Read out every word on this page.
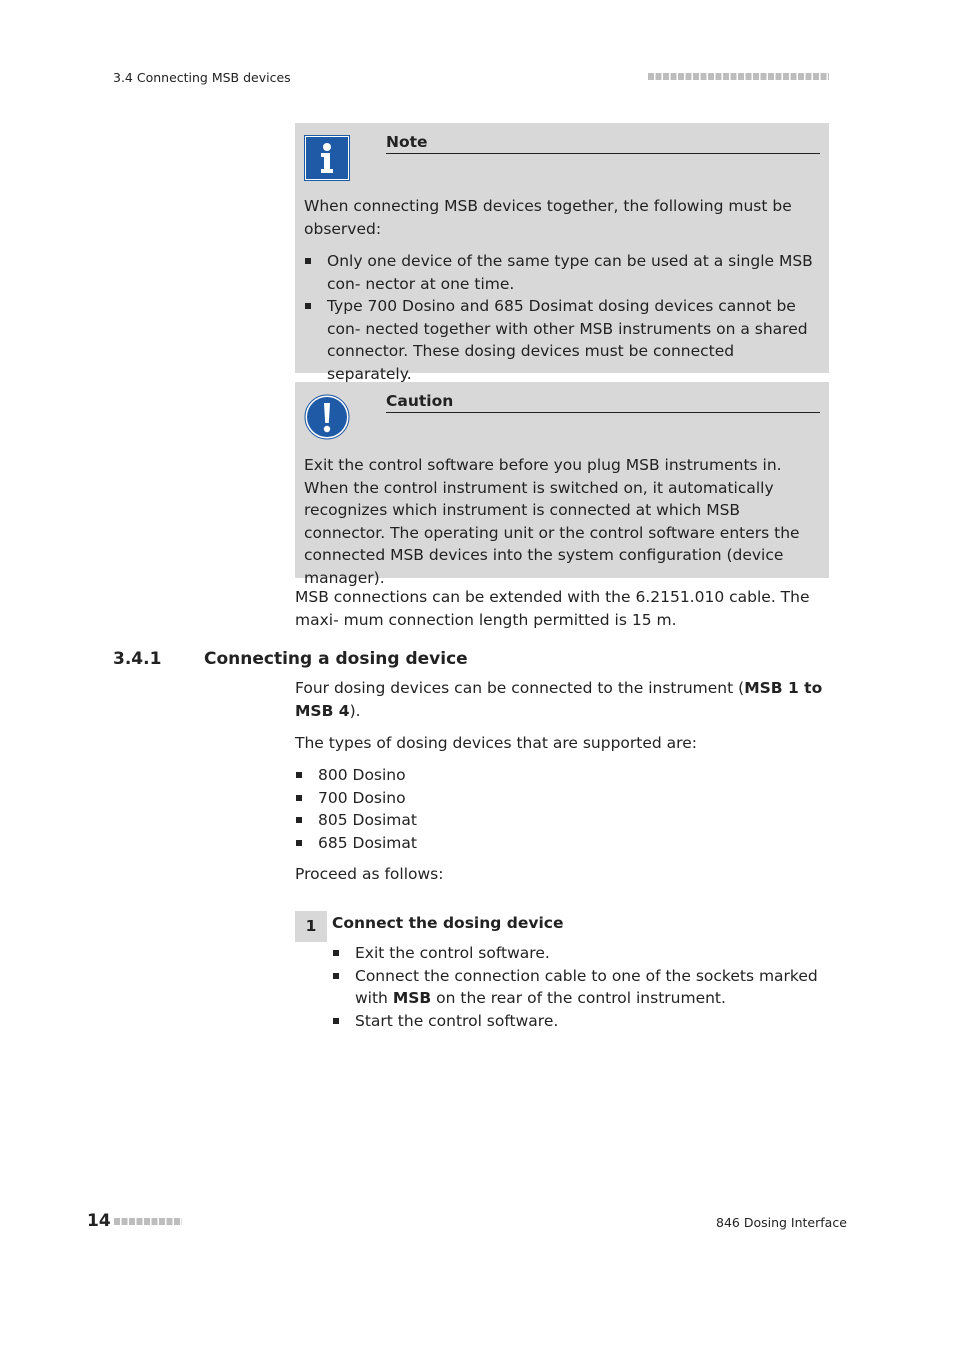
3.4 Connecting MSB devices
Note
When connecting MSB devices together, the following must be observed:
Only one device of the same type can be used at a single MSB con- nector at one time.
Type 700 Dosino and 685 Dosimat dosing devices cannot be con- nected together with other MSB instruments on a shared connector. These dosing devices must be connected separately.
Caution
Exit the control software before you plug MSB instruments in. When the control instrument is switched on, it automatically recognizes which instrument is connected at which MSB connector. The operating unit or the control software enters the connected MSB devices into the system configuration (device manager).
MSB connections can be extended with the 6.2151.010 cable. The maxi- mum connection length permitted is 15 m.
3.4.1	Connecting a dosing device
Four dosing devices can be connected to the instrument (MSB 1 to MSB 4).
The types of dosing devices that are supported are:
800 Dosino
700 Dosino
805 Dosimat
685 Dosimat
Proceed as follows:
1	Connect the dosing device
Exit the control software.
Connect the connection cable to one of the sockets marked with MSB on the rear of the control instrument.
Start the control software.
14	846 Dosing Interface
